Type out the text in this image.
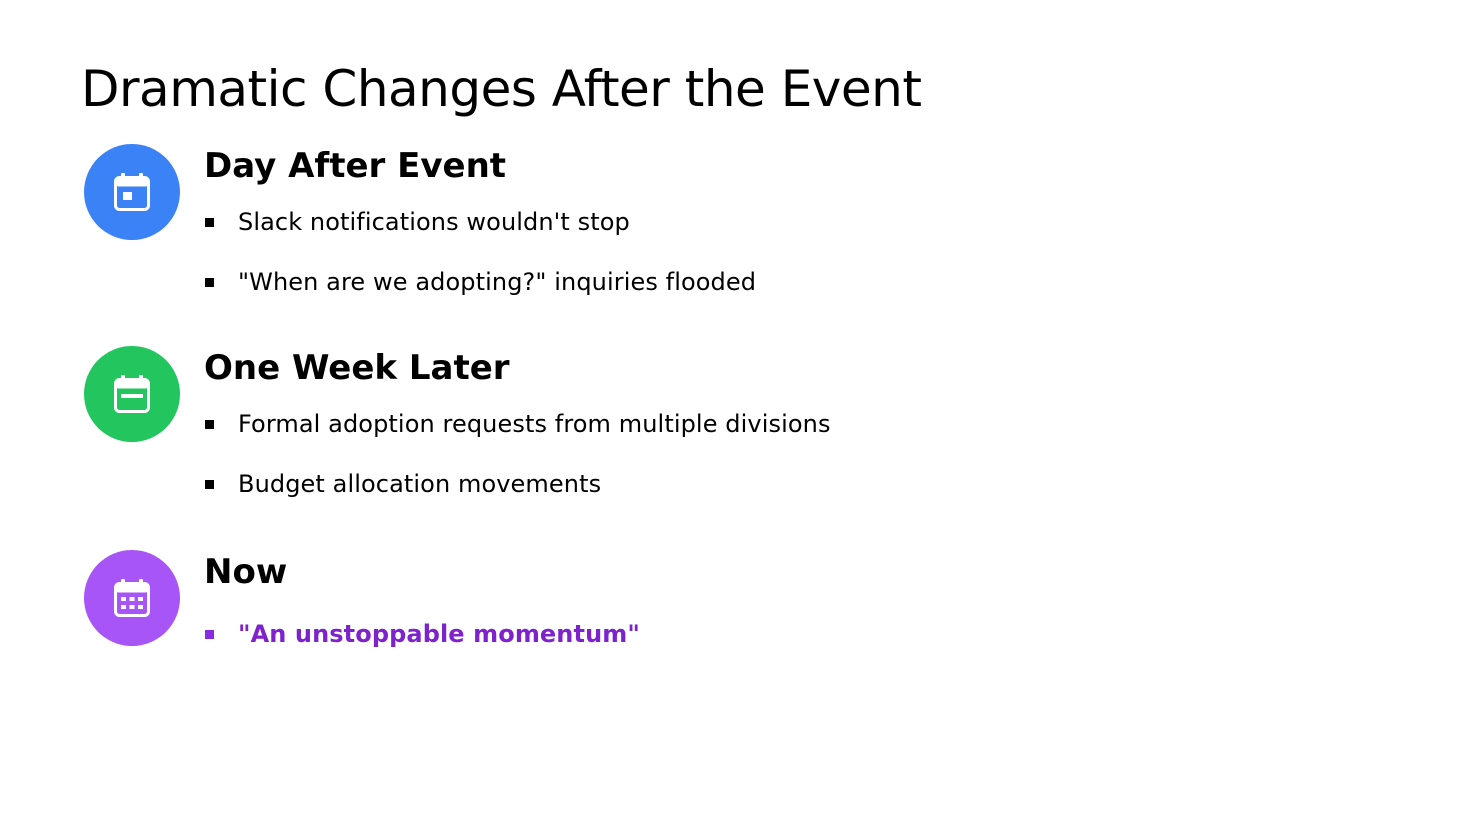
Dramatic Changes After the Event
Day After Event
Slack notifications wouldn't stop
"When are we adopting?" inquiries flooded
One Week Later
Formal adoption requests from multiple divisions
Budget allocation movements
Now
"An unstoppable momentum"
